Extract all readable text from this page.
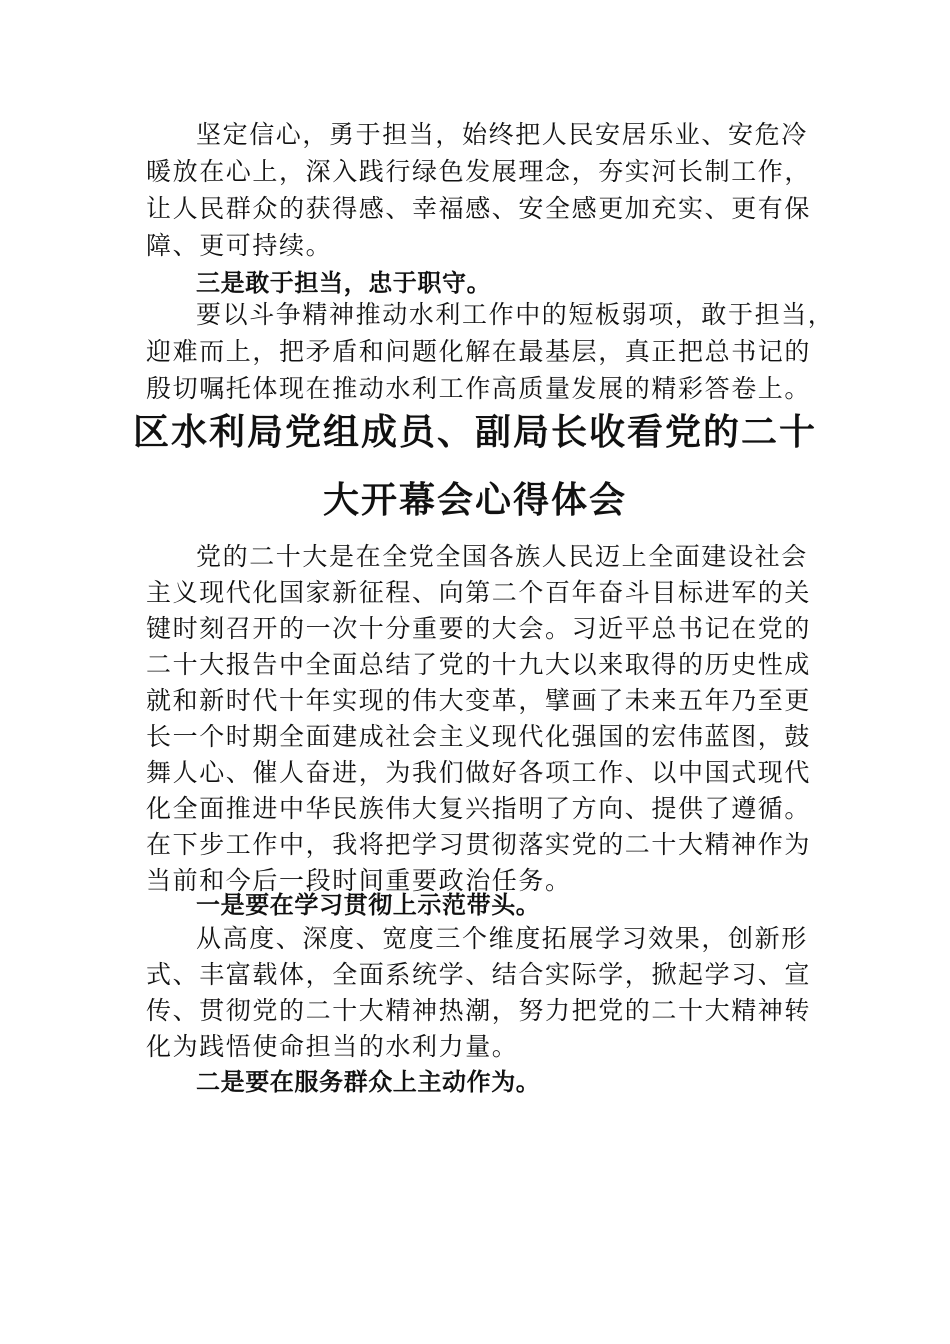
坚定信心，勇于担当，始终把人民安居乐业、安危冷
暖放在心上，深入践行绿色发展理念，夯实河长制工作，
让人民群众的获得感、幸福感、安全感更加充实、更有保
障、更可持续。
三是敢于担当，忠于职守。
要以斗争精神推动水利工作中的短板弱项，敢于担当，
迎难而上，把矛盾和问题化解在最基层，真正把总书记的
殷切嘱托体现在推动水利工作高质量发展的精彩答卷上。
区水利局党组成员、副局长收看党的二十
大开幕会心得体会
党的二十大是在全党全国各族人民迈上全面建设社会
主义现代化国家新征程、向第二个百年奋斗目标进军的关
键时刻召开的一次十分重要的大会。习近平总书记在党的
二十大报告中全面总结了党的十九大以来取得的历史性成
就和新时代十年实现的伟大变革，擘画了未来五年乃至更
长一个时期全面建成社会主义现代化强国的宏伟蓝图，鼓
舞人心、催人奋进，为我们做好各项工作、以中国式现代
化全面推进中华民族伟大复兴指明了方向、提供了遵循。
在下步工作中，我将把学习贯彻落实党的二十大精神作为
当前和今后一段时间重要政治任务。
一是要在学习贯彻上示范带头。
从高度、深度、宽度三个维度拓展学习效果，创新形
式、丰富载体，全面系统学、结合实际学，掀起学习、宣
传、贯彻党的二十大精神热潮，努力把党的二十大精神转
化为践悟使命担当的水利力量。
二是要在服务群众上主动作为。
